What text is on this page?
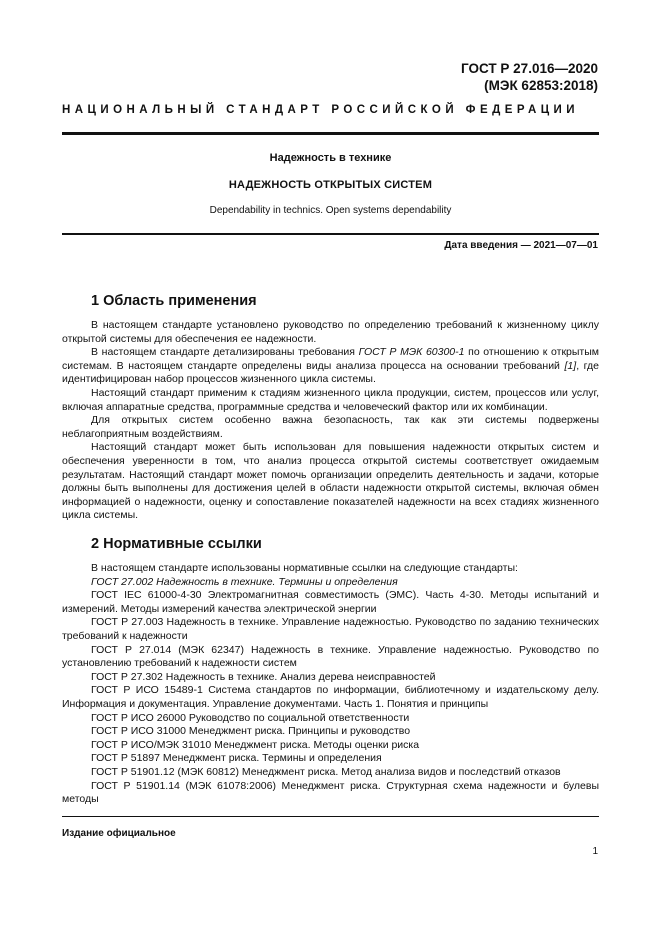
ГОСТ Р 27.016—2020
(МЭК 62853:2018)
НАЦИОНАЛЬНЫЙ СТАНДАРТ РОССИЙСКОЙ ФЕДЕРАЦИИ
Надежность в технике
НАДЕЖНОСТЬ ОТКРЫТЫХ СИСТЕМ
Dependability in technics. Open systems dependability
Дата введения — 2021—07—01
1 Область применения

В настоящем стандарте установлено руководство по определению требований к жизненному циклу открытой системы для обеспечения ее надежности.

В настоящем стандарте детализированы требования ГОСТ Р МЭК 60300-1 по отношению к открытым системам. В настоящем стандарте определены виды анализа процесса на основании требований [1], где идентифицирован набор процессов жизненного цикла системы.

Настоящий стандарт применим к стадиям жизненного цикла продукции, систем, процессов или услуг, включая аппаратные средства, программные средства и человеческий фактор или их комбинации.

Для открытых систем особенно важна безопасность, так как эти системы подвержены неблагоприятным воздействиям.

Настоящий стандарт может быть использован для повышения надежности открытых систем и обеспечения уверенности в том, что анализ процесса открытой системы соответствует ожидаемым результатам. Настоящий стандарт может помочь организации определить деятельность и задачи, которые должны быть выполнены для достижения целей в области надежности открытой системы, включая обмен информацией о надежности, оценку и сопоставление показателей надежности на всех стадиях жизненного цикла системы.

2 Нормативные ссылки

В настоящем стандарте использованы нормативные ссылки на следующие стандарты:

ГОСТ 27.002 Надежность в технике. Термины и определения

ГОСТ IEC 61000-4-30 Электромагнитная совместимость (ЭМС). Часть 4-30. Методы испытаний и измерений. Методы измерений качества электрической энергии

ГОСТ Р 27.003 Надежность в технике. Управление надежностью. Руководство по заданию технических требований к надежности

ГОСТ Р 27.014 (МЭК 62347) Надежность в технике. Управление надежностью. Руководство по установлению требований к надежности систем

ГОСТ Р 27.302 Надежность в технике. Анализ дерева неисправностей

ГОСТ Р ИСО 15489-1 Система стандартов по информации, библиотечному и издательскому делу. Информация и документация. Управление документами. Часть 1. Понятия и принципы

ГОСТ Р ИСО 26000 Руководство по социальной ответственности

ГОСТ Р ИСО 31000 Менеджмент риска. Принципы и руководство

ГОСТ Р ИСО/МЭК 31010 Менеджмент риска. Методы оценки риска

ГОСТ Р 51897 Менеджмент риска. Термины и определения

ГОСТ Р 51901.12 (МЭК 60812) Менеджмент риска. Метод анализа видов и последствий отказов

ГОСТ Р 51901.14 (МЭК 61078:2006) Менеджмент риска. Структурная схема надежности и булевы методы

Издание официальное
1
